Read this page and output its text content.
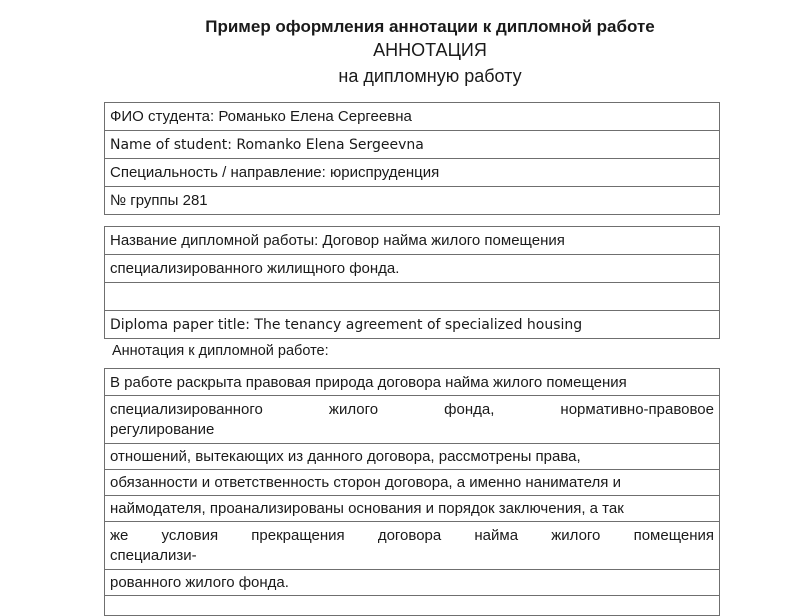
Пример оформления аннотации к дипломной работе
АННОТАЦИЯ
на дипломную работу
ФИО студента: Романько Елена Сергеевна
Name of student: Romanko Elena Sergeevna
Специальность / направление: юриспруденция
№ группы 281
Название дипломной работы: Договор найма жилого помещения
специализированного жилищного фонда.

Diploma paper title: The tenancy agreement of specialized housing
Аннотация к дипломной работе:
В работе раскрыта правовая природа договора найма жилого помещения

специализированного жилого фонда, нормативно-правовое
регулирование

отношений, вытекающих из данного договора, рассмотрены права,
обязанности и ответственность сторон договора, а именно нанимателя и
наймодателя, проанализированы основания и порядок заключения, а так

же условия прекращения договора найма жилого помещения
специализи-

рованного жилого фонда.
